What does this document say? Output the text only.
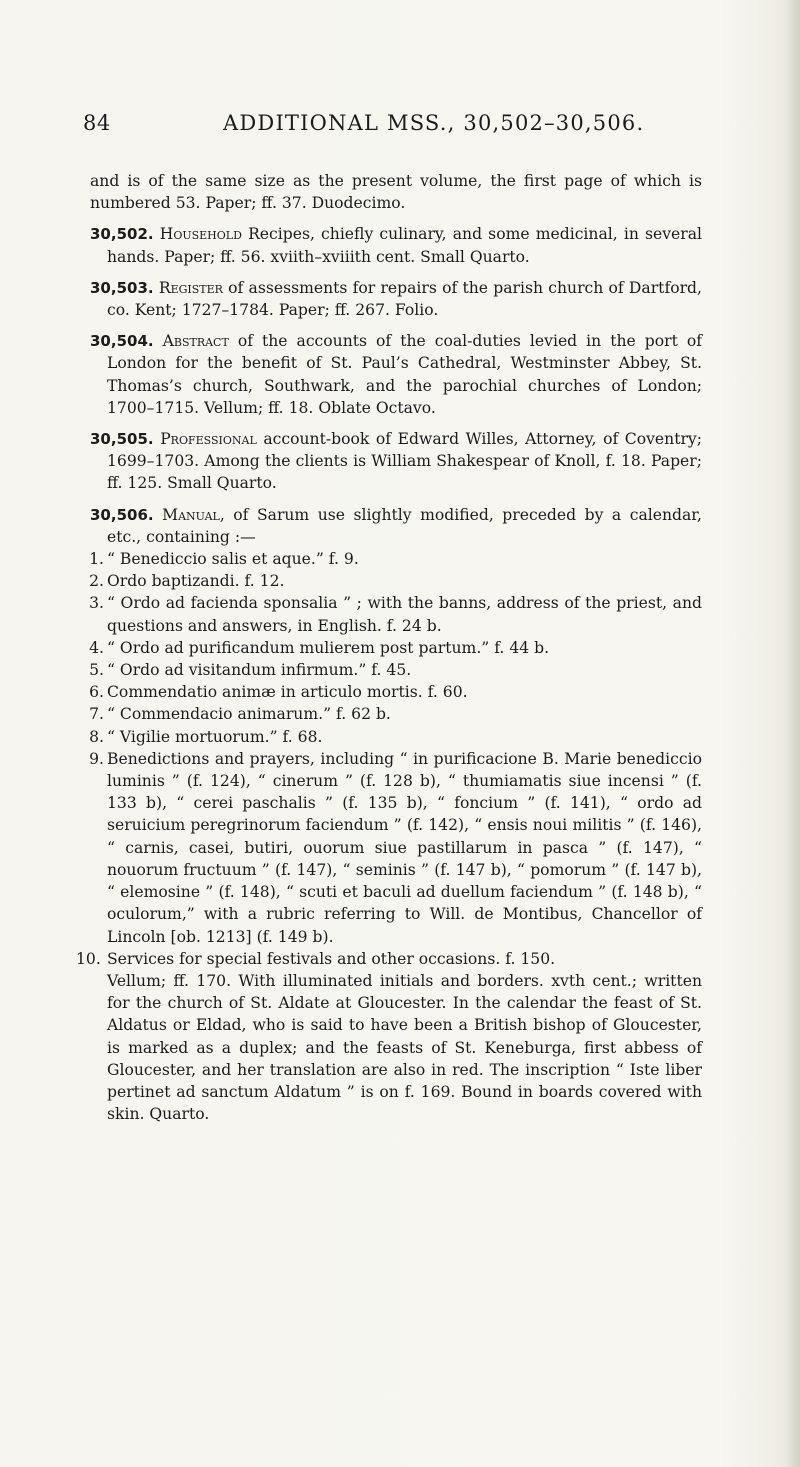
84	ADDITIONAL MSS., 30,502–30,506.

and is of the same size as the present volume, the first page of which is numbered 53. Paper; ff. 37. Duodecimo.

30,502. Household Recipes, chiefly culinary, and some medicinal, in several hands. Paper; ff. 56. xviith–xviiith cent. Small Quarto.
30,503. Register of assessments for repairs of the parish church of Dartford, co. Kent; 1727–1784. Paper; ff. 267. Folio.
30,504. Abstract of the accounts of the coal-duties levied in the port of London for the benefit of St. Paul’s Cathedral, Westminster Abbey, St. Thomas’s church, Southwark, and the parochial churches of London; 1700–1715. Vellum; ff. 18. Oblate Octavo.
30,505. Professional account-book of Edward Willes, Attorney, of Coventry; 1699–1703. Among the clients is William Shakespear of Knoll, f. 18. Paper; ff. 125. Small Quarto.
30,506. Manual, of Sarum use slightly modified, preceded by a calendar, etc., containing :—
1. “ Benediccio salis et aque.” f. 9.
2. Ordo baptizandi. f. 12.
3. “ Ordo ad facienda sponsalia ” ; with the banns, address of the priest, and questions and answers, in English. f. 24 b.
4. “ Ordo ad purificandum mulierem post partum.” f. 44 b.
5. “ Ordo ad visitandum infirmum.” f. 45.
6. Commendatio animæ in articulo mortis. f. 60.
7. “ Commendacio animarum.” f. 62 b.
8. “ Vigilie mortuorum.” f. 68.
9. Benedictions and prayers, including “ in purificacione B. Marie benediccio luminis ” (f. 124), “ cinerum ” (f. 128 b), “ thumiamatis siue incensi ” (f. 133 b), “ cerei paschalis ” (f. 135 b), “ foncium ” (f. 141), “ ordo ad seruicium peregrinorum faciendum ” (f. 142), “ ensis noui militis ” (f. 146), “ carnis, casei, butiri, ouorum siue pastillarum in pasca ” (f. 147), “ nouorum fructuum ” (f. 147), “ seminis ” (f. 147 b), “ pomorum ” (f. 147 b), “ elemosine ” (f. 148), “ scuti et baculi ad duellum faciendum ” (f. 148 b), “ oculorum,” with a rubric referring to Will. de Montibus, Chancellor of Lincoln [ob. 1213] (f. 149 b).
10. Services for special festivals and other occasions. f. 150.
Vellum; ff. 170. With illuminated initials and borders. xvth cent.; written for the church of St. Aldate at Gloucester. In the calendar the feast of St. Aldatus or Eldad, who is said to have been a British bishop of Gloucester, is marked as a duplex; and the feasts of St. Keneburga, first abbess of Gloucester, and her translation are also in red. The inscription “ Iste liber pertinet ad sanctum Aldatum ” is on f. 169. Bound in boards covered with skin. Quarto.
